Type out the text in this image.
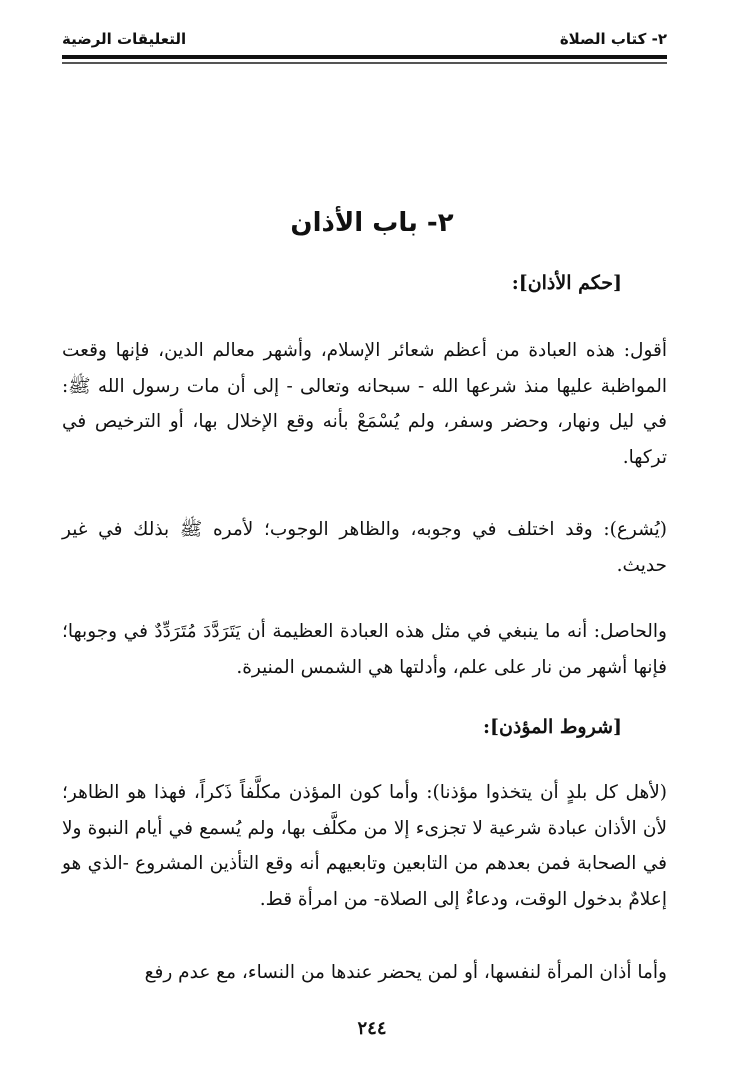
٢- كتاب الصلاة
التعليقات الرضية
٢- باب الأذان
[حكم الأذان]:
أقول: هذه العبادة من أعظم شعائر الإسلام، وأشهر معالم الدين، فإنها وقعت المواظبة عليها منذ شرعها الله - سبحانه وتعالى - إلى أن مات رسول الله ﷺ: في ليل ونهار، وحضر وسفر، ولم يُسْمَعْ بأنه وقع الإخلال بها، أو الترخيص في تركها.
(يُشرع): وقد اختلف في وجوبه، والظاهر الوجوب؛ لأمره ﷺ بذلك في غير حديث.
والحاصل: أنه ما ينبغي في مثل هذه العبادة العظيمة أن يَتَرَدَّدَ مُتَرَدِّدٌ في وجوبها؛ فإنها أشهر من نار على علم، وأدلتها هي الشمس المنيرة.
[شروط المؤذن]:
(لأهل كل بلدٍ أن يتخذوا مؤذنا): وأما كون المؤذن مكلَّفاً ذَكراً، فهذا هو الظاهر؛ لأن الأذان عبادة شرعية لا تجزىء إلا من مكلَّف بها، ولم يُسمع في أيام النبوة ولا في الصحابة فمن بعدهم من التابعين وتابعيهم أنه وقع التأذين المشروع -الذي هو إعلامٌ بدخول الوقت، ودعاءٌ إلى الصلاة- من امرأة قط.
وأما أذان المرأة لنفسها، أو لمن يحضر عندها من النساء، مع عدم رفع
٢٤٤
